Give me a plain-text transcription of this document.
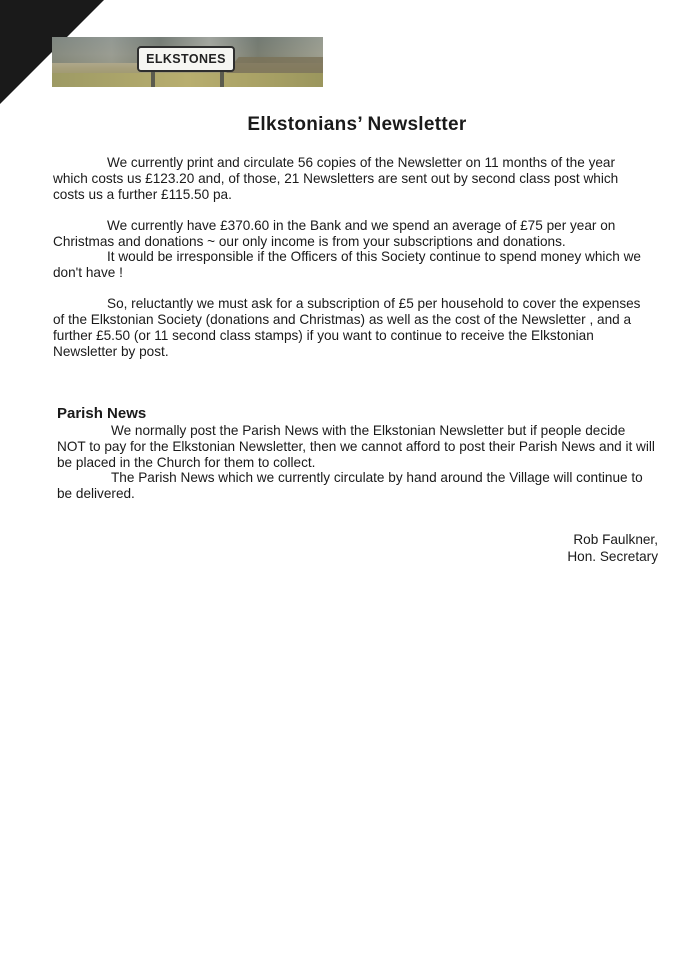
ELKSTONES
Elkstonians’ Newsletter

We currently print and circulate 56 copies of the Newsletter on 11 months of the year which costs us £123.20 and, of those, 21 Newsletters are sent out by second class post which costs us a further £115.50 pa.

We currently have £370.60 in the Bank and we spend an average of £75 per year on Christmas and donations ~ our only income is from your subscriptions and donations.

It would be irresponsible if the Officers of this Society continue to spend money which we don't have !

So, reluctantly we must ask for a subscription of £5 per household to cover the expenses of the Elkstonian Society (donations and Christmas) as well as the cost of the Newsletter , and a further £5.50 (or 11 second class stamps) if you want to continue to receive the Elkstonian Newsletter by post.

Parish News

We normally post the Parish News with the Elkstonian Newsletter but if people decide NOT to pay for the Elkstonian Newsletter, then we cannot afford to post their Parish News and it will be placed in the Church for them to collect.

The Parish News which we currently circulate by hand around the Village will continue to be delivered.

Rob Faulkner,
Hon. Secretary
